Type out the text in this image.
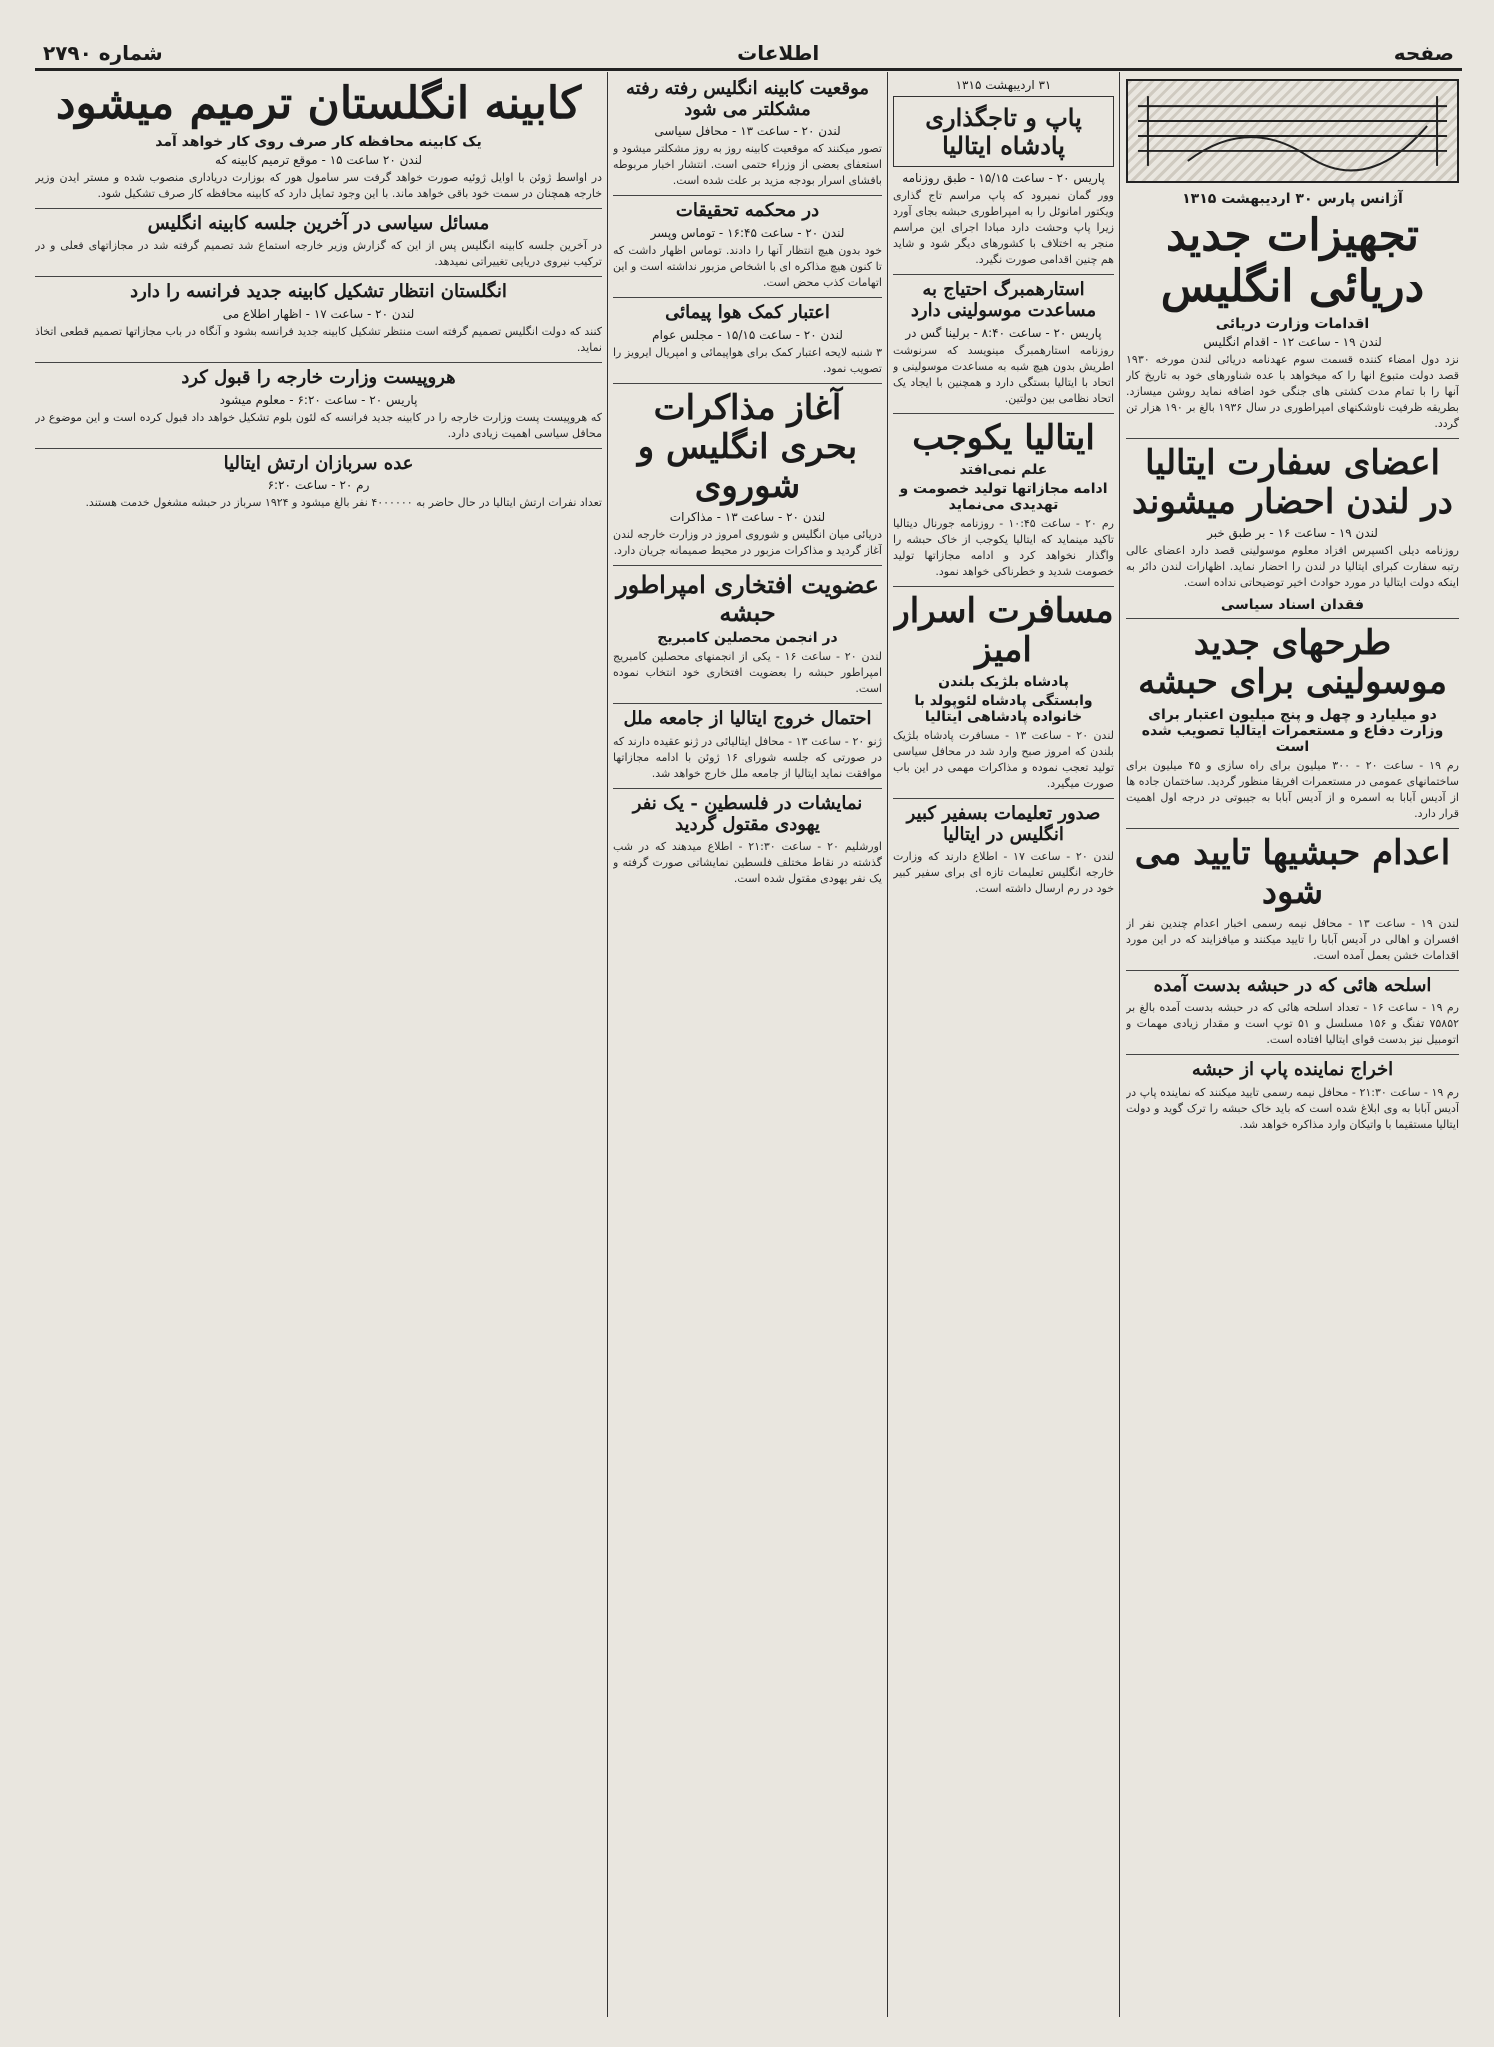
صفحه
اطلاعات
شماره ۲۷۹۰
آژانس پارس ۳۰ اردیبهشت ۱۳۱۵
تجهیزات جدید دریائی انگلیس
اقدامات وزارت دریائی
لندن ۱۹ - ساعت ۱۲ - اقدام انگلیس

نزد دول امضاء کننده قسمت سوم عهدنامه دریائی لندن مورخه ۱۹۳۰ قصد دولت متبوع انها را که میخواهد با عده شناورهای خود به تاریخ کار آنها را با تمام مدت کشتی های جنگی خود اضافه نماید روشن میسازد. بطریقه ظرفیت ناوشکنهای امپراطوری در سال ۱۹۳۶ بالغ بر ۱۹۰ هزار تن گردد.

اعضای سفارت ایتالیا در لندن احضار میشوند
لندن ۱۹ - ساعت ۱۶ - بر طبق خبر

روزنامه دیلی اکسپرس افزاد معلوم موسولینی قصد دارد اعضای عالی رتبه سفارت کبرای ایتالیا در لندن را احضار نماید. اظهارات لندن دائر به اینکه دولت ایتالیا در مورد حوادث اخیر توضیحاتی نداده است.

فقدان اسناد سیاسی
طرحهای جدید موسولینی برای حبشه
دو میلیارد و چهل و پنج میلیون اعتبار برای وزارت دفاع و مستعمرات ایتالیا تصویب شده است

رم ۱۹ - ساعت ۲۰ - ۳۰۰ میلیون برای راه سازی و ۴۵ میلیون برای ساختمانهای عمومی در مستعمرات افریقا منظور گردید. ساختمان جاده ها از آدیس آبابا به اسمره و از آدیس آبابا به جیبوتی در درجه اول اهمیت قرار دارد.

اعدام حبشیها تایید می شود

لندن ۱۹ - ساعت ۱۳ - محافل نیمه رسمی اخبار اعدام چندین نفر از افسران و اهالی در آدیس آبابا را تایید میکنند و میافزایند که در این مورد اقدامات خشن بعمل آمده است.

اسلحه هائی که در حبشه بدست آمده

رم ۱۹ - ساعت ۱۶ - تعداد اسلحه هائی که در حبشه بدست آمده بالغ بر ۷۵۸۵۲ تفنگ و ۱۵۶ مسلسل و ۵۱ توپ است و مقدار زیادی مهمات و اتومبیل نیز بدست قوای ایتالیا افتاده است.

اخراج نماینده پاپ از حبشه

رم ۱۹ - ساعت ۲۱:۳۰ - محافل نیمه رسمی تایید میکنند که نماینده پاپ در آدیس آبابا به وی ابلاغ شده است که باید خاک حبشه را ترک گوید و دولت ایتالیا مستقیما با واتیکان وارد مذاکره خواهد شد.

۳۱ اردیبهشت ۱۳۱۵
پاپ و تاجگذاری پادشاه ایتالیا
پاریس ۲۰ - ساعت ۱۵/۱۵ - طبق روزنامه

وور گمان نمیرود که پاپ مراسم تاج گذاری ویکتور امانوئل را به امپراطوری حبشه بجای آورد زیرا پاپ وحشت دارد مبادا اجرای این مراسم منجر به اختلاف با کشورهای دیگر شود و شاید هم چنین اقدامی صورت نگیرد.

استارهمبرگ احتیاج به مساعدت موسولینی دارد
پاریس ۲۰ - ساعت ۸:۴۰ - برلینا گس در

روزنامه استارهمبرگ مینویسد که سرنوشت اطریش بدون هیچ شبه به مساعدت موسولینی و اتحاد با ایتالیا بستگی دارد و همچنین با ایجاد یک اتحاد نظامی بین دولتین.

ایتالیا یکوجب
علم نمی‌افتد
ادامه مجازاتها تولید خصومت و تهدیدی می‌نماید

رم ۲۰ - ساعت ۱۰:۴۵ - روزنامه جورنال دیتالیا تاکید مینماید که ایتالیا یکوجب از خاک حبشه را واگذار نخواهد کرد و ادامه مجازاتها تولید خصومت شدید و خطرناکی خواهد نمود.

مسافرت اسرار امیز
پادشاه بلژیک بلندن
وابستگی پادشاه لئوپولد با خانواده پادشاهی ایتالیا

لندن ۲۰ - ساعت ۱۳ - مسافرت پادشاه بلژیک بلندن که امروز صبح وارد شد در محافل سیاسی تولید تعجب نموده و مذاکرات مهمی در این باب صورت میگیرد.

صدور تعلیمات بسفیر کبیر انگلیس در ایتالیا

لندن ۲۰ - ساعت ۱۷ - اطلاع دارند که وزارت خارجه انگلیس تعلیمات تازه ای برای سفیر کبیر خود در رم ارسال داشته است.

موقعیت کابینه انگلیس رفته رفته مشکلتر می شود
لندن ۲۰ - ساعت ۱۳ - محافل سیاسی

تصور میکنند که موقعیت کابینه روز به روز مشکلتر میشود و استعفای بعضی از وزراء حتمی است. انتشار اخبار مربوطه بافشای اسرار بودجه مزید بر علت شده است.

در محکمه تحقیقات
لندن ۲۰ - ساعت ۱۶:۴۵ - توماس وپسر

خود بدون هیچ انتظار آنها را دادند. توماس اظهار داشت که تا کنون هیچ مذاکره ای با اشخاص مزبور نداشته است و این اتهامات کذب محض است.

اعتبار کمک هوا پیمائی
لندن ۲۰ - ساعت ۱۵/۱۵ - مجلس عوام

۳ شنبه لایحه اعتبار کمک برای هواپیمائی و امپریال ایرویز را تصویب نمود.

آغاز مذاکرات بحری انگلیس و شوروی
لندن ۲۰ - ساعت ۱۳ - مذاکرات

دریائی میان انگلیس و شوروی امروز در وزارت خارجه لندن آغاز گردید و مذاکرات مزبور در محیط صمیمانه جریان دارد.

عضویت افتخاری امپراطور حبشه
در انجمن محصلین کامبریج

لندن ۲۰ - ساعت ۱۶ - یکی از انجمنهای محصلین کامبریج امپراطور حبشه را بعضویت افتخاری خود انتخاب نموده است.

احتمال خروج ایتالیا از جامعه ملل

ژنو ۲۰ - ساعت ۱۳ - محافل ایتالیائی در ژنو عقیده دارند که در صورتی که جلسه شورای ۱۶ ژوئن با ادامه مجازاتها موافقت نماید ایتالیا از جامعه ملل خارج خواهد شد.

نمایشات در فلسطین - یک نفر یهودی مقتول گردید

اورشلیم ۲۰ - ساعت ۲۱:۳۰ - اطلاع میدهند که در شب گذشته در نقاط مختلف فلسطین نمایشاتی صورت گرفته و یک نفر یهودی مقتول شده است.

کابینه انگلستان ترمیم میشود
یک کابینه محافظه کار صرف روی کار خواهد آمد
لندن ۲۰ ساعت ۱۵ - موقع ترمیم کابینه که

در اواسط ژوئن با اوایل ژوئیه صورت خواهد گرفت سر سامول هور که بوزارت دریاداری منصوب شده و مستر ایدن وزیر خارجه همچنان در سمت خود باقی خواهد ماند. با این وجود تمایل دارد که کابینه محافظه کار صرف تشکیل شود.

مسائل سیاسی در آخرین جلسه کابینه انگلیس

در آخرین جلسه کابینه انگلیس پس از این که گزارش وزیر خارجه استماع شد تصمیم گرفته شد در مجازاتهای فعلی و در ترکیب نیروی دریایی تغییراتی نمیدهد.

انگلستان انتظار تشکیل کابینه جدید فرانسه را دارد
لندن ۲۰ - ساعت ۱۷ - اظهار اطلاع می

کنند که دولت انگلیس تصمیم گرفته است منتظر تشکیل کابینه جدید فرانسه بشود و آنگاه در باب مجازاتها تصمیم قطعی اتخاذ نماید.

هروپیست وزارت خارجه را قبول کرد
پاریس ۲۰ - ساعت ۶:۲۰ - معلوم میشود

که هروپیست پست وزارت خارجه را در کابینه جدید فرانسه که لئون بلوم تشکیل خواهد داد قبول کرده است و این موضوع در محافل سیاسی اهمیت زیادی دارد.

عده سربازان ارتش ایتالیا
رم ۲۰ - ساعت ۶:۲۰

تعداد نفرات ارتش ایتالیا در حال حاضر به ۴۰۰۰۰۰۰ نفر بالغ میشود و ۱۹۲۴ سرباز در حبشه مشغول خدمت هستند.
